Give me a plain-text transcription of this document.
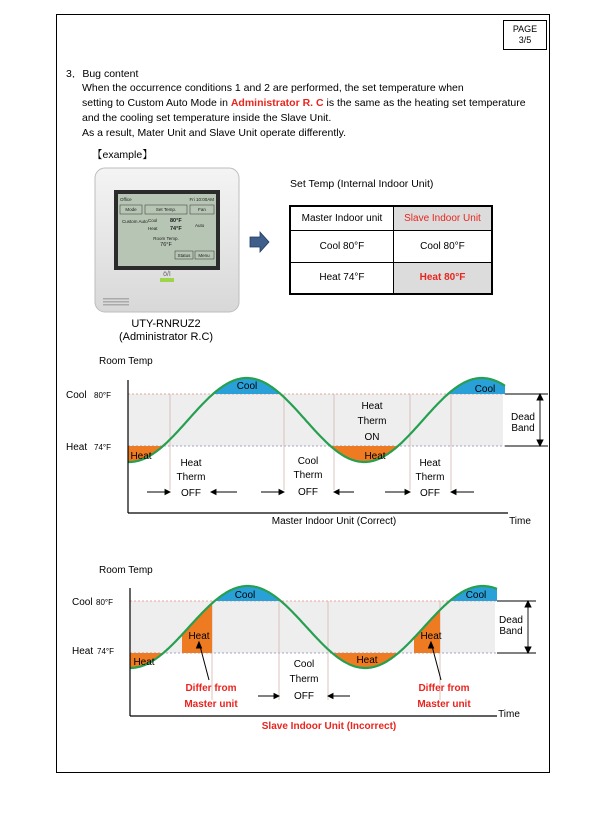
PAGE
3/5
3．Bug content
When the occurrence conditions 1 and 2 are performed, the set temperature when
setting to Custom Auto Mode in Administrator R. C is the same as the heating set temperature
and the cooling set temperature inside the Slave Unit.
As a result, Mater Unit and Slave Unit operate differently.
【example】
Office	Fri 10:00AM
Mode	Set Temp.	Fan
Custom Auto Cool 80°F
Heat 74°F
Auto
Room Temp.
76°F
Status Menu
ö/I
UTY-RNRUZ2
(Administrator R.C)
Set Temp (Internal Indoor Unit)
Room Temp
Cool 80°F
Heat 74°F
Cool	Cool
Heat	Heat
Heat
Therm
ON
Heat
Therm
OFF
Cool
Therm
OFF
Heat
Therm
OFF
Dead
Band
Master Indoor Unit (Correct)	Time
Room Temp
Cool 80°F
Heat 74°F
Cool	Cool
Heat	Heat
Heat	Heat
Cool
Therm
OFF
Differ from
Master unit
Differ from
Master unit
Dead
Band
Slave Indoor Unit (Incorrect)
Time
Master Indoor unit	Slave Indoor Unit
Cool 80°F	Cool 80°F
Heat 74°F	Heat 80°F
